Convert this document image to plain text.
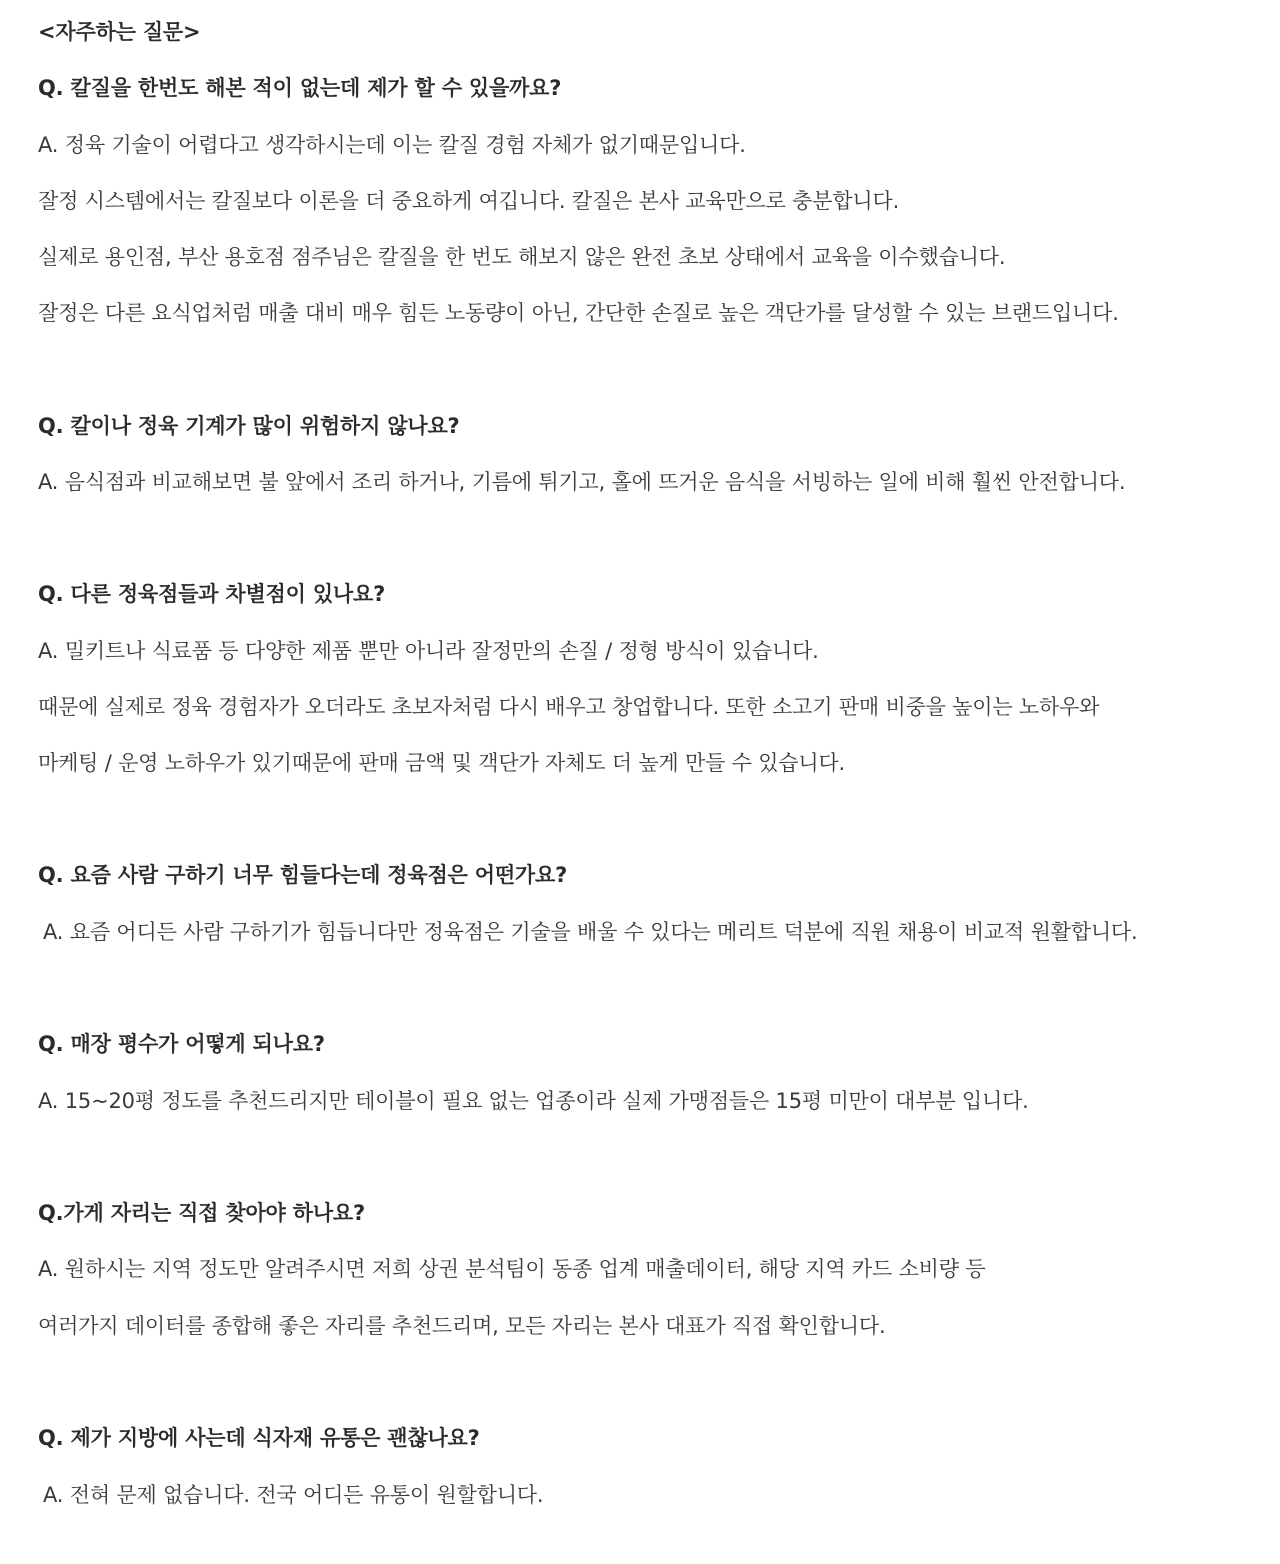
<자주하는 질문>
Q. 칼질을 한번도 해본 적이 없는데 제가 할 수 있을까요?
A. 정육 기술이 어렵다고 생각하시는데 이는 칼질 경험 자체가 없기때문입니다.
잘정 시스템에서는 칼질보다 이론을 더 중요하게 여깁니다. 칼질은 본사 교육만으로 충분합니다.
실제로 용인점, 부산 용호점 점주님은 칼질을 한 번도 해보지 않은 완전 초보 상태에서 교육을 이수했습니다.
잘정은 다른 요식업처럼 매출 대비 매우 힘든 노동량이 아닌, 간단한 손질로 높은 객단가를 달성할 수 있는 브랜드입니다.
Q. 칼이나 정육 기계가 많이 위험하지 않나요?
A. 음식점과 비교해보면 불 앞에서 조리 하거나, 기름에 튀기고, 홀에 뜨거운 음식을 서빙하는 일에 비해 훨씬 안전합니다.
Q. 다른 정육점들과 차별점이 있나요?
A. 밀키트나 식료품 등 다양한 제품 뿐만 아니라 잘정만의 손질 / 정형 방식이 있습니다.
때문에 실제로 정육 경험자가 오더라도 초보자처럼 다시 배우고 창업합니다. 또한 소고기 판매 비중을 높이는 노하우와
마케팅 / 운영 노하우가 있기때문에 판매 금액 및 객단가 자체도 더 높게 만들 수 있습니다.
Q. 요즘 사람 구하기 너무 힘들다는데 정육점은 어떤가요?
A. 요즘 어디든 사람 구하기가 힘듭니다만 정육점은 기술을 배울 수 있다는 메리트 덕분에 직원 채용이 비교적 원활합니다.
Q. 매장 평수가 어떻게 되나요?
A. 15~20평 정도를 추천드리지만 테이블이 필요 없는 업종이라 실제 가맹점들은 15평 미만이 대부분 입니다.
Q.가게 자리는 직접 찾아야 하나요?
A. 원하시는 지역 정도만 알려주시면 저희 상권 분석팀이 동종 업계 매출데이터, 해당 지역 카드 소비량 등
여러가지 데이터를 종합해 좋은 자리를 추천드리며, 모든 자리는 본사 대표가 직접 확인합니다.
Q. 제가 지방에 사는데 식자재 유통은 괜찮나요?
A. 전혀 문제 없습니다. 전국 어디든 유통이 원할합니다.
